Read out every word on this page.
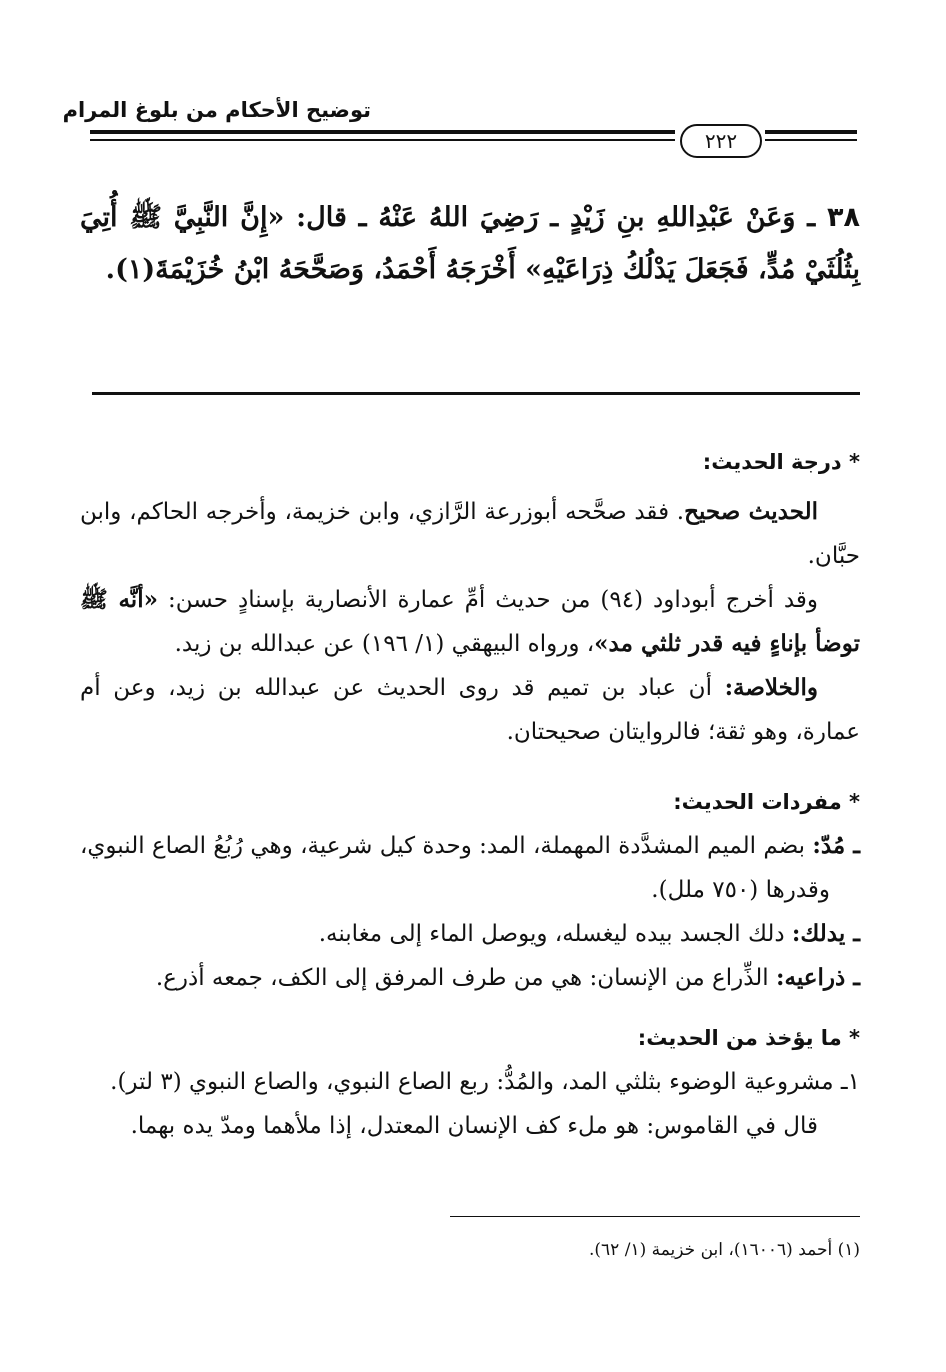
توضيح الأحكام من بلوغ المرام
٢٢٢
٣٨ ـ وَعَنْ عَبْدِاللهِ بنِ زَيْدٍ ـ رَضِيَ اللهُ عَنْهُ ـ قال: «إِنَّ النَّبِيَّ ﷺ أُتِيَ بِثُلُثَيْ مُدٍّ، فَجَعَلَ يَدْلُكُ ذِرَاعَيْهِ» أَخْرَجَهُ أَحْمَدُ، وَصَحَّحَهُ ابْنُ خُزَيْمَةَ(١).
* درجة الحديث:
الحديث صحيح. فقد صحَّحه أبوزرعة الرَّازي، وابن خزيمة، وأخرجه الحاكم، وابن حبَّان.
وقد أخرج أبوداود (٩٤) من حديث أمِّ عمارة الأنصارية بإسنادٍ حسن: «أنَّه ﷺ توضأ بإناءٍ فيه قدر ثلثي مد»، ورواه البيهقي (١/ ١٩٦) عن عبدالله بن زيد.
والخلاصة: أن عباد بن تميم قد روى الحديث عن عبدالله بن زيد، وعن أم عمارة، وهو ثقة؛ فالروايتان صحيحتان.
* مفردات الحديث:
ـ مُدّ: بضم الميم المشدَّدة المهملة، المد: وحدة كيل شرعية، وهي رُبُعُ الصاع النبوي، وقدرها (٧٥٠ ملل).
ـ يدلك: دلك الجسد بيده ليغسله، ويوصل الماء إلى مغابنه.
ـ ذراعيه: الذِّراع من الإنسان: هي من طرف المرفق إلى الكف، جمعه أذرع.
* ما يؤخذ من الحديث:
١ـ مشروعية الوضوء بثلثي المد، والمُدُّ: ربع الصاع النبوي، والصاع النبوي (٣ لتر).
قال في القاموس: هو ملء كف الإنسان المعتدل، إذا ملأهما ومدّ يده بهما.
(١) أحمد (١٦٠٠٦)، ابن خزيمة (١/ ٦٢).
